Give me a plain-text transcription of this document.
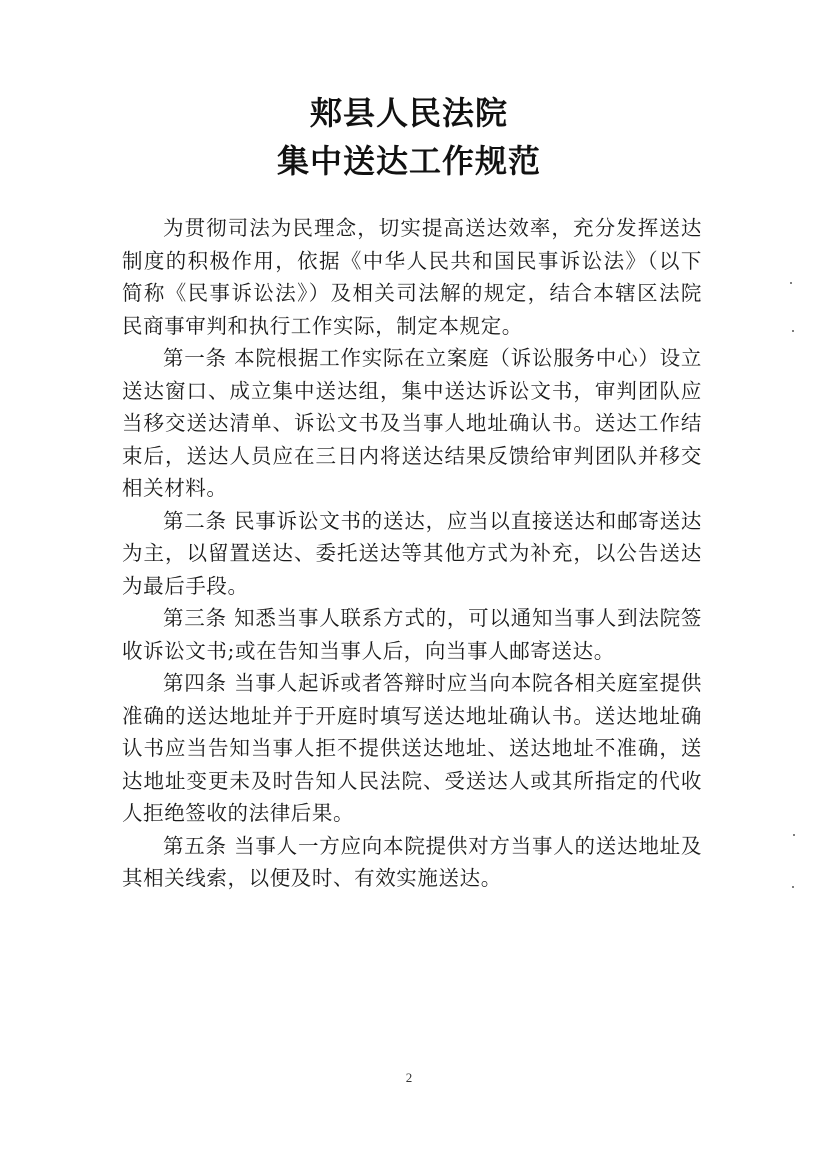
郏县人民法院
集中送达工作规范

为贯彻司法为民理念，切实提高送达效率，充分发挥送达制度的积极作用，依据《中华人民共和国民事诉讼法》（以下简称《民事诉讼法》）及相关司法解的规定，结合本辖区法院民商事审判和执行工作实际，制定本规定。

第一条 本院根据工作实际在立案庭（诉讼服务中心）设立送达窗口、成立集中送达组，集中送达诉讼文书，审判团队应当移交送达清单、诉讼文书及当事人地址确认书。送达工作结束后，送达人员应在三日内将送达结果反馈给审判团队并移交相关材料。

第二条 民事诉讼文书的送达，应当以直接送达和邮寄送达为主，以留置送达、委托送达等其他方式为补充，以公告送达为最后手段。

第三条 知悉当事人联系方式的，可以通知当事人到法院签收诉讼文书;或在告知当事人后，向当事人邮寄送达。

第四条 当事人起诉或者答辩时应当向本院各相关庭室提供准确的送达地址并于开庭时填写送达地址确认书。送达地址确认书应当告知当事人拒不提供送达地址、送达地址不准确，送达地址变更未及时告知人民法院、受送达人或其所指定的代收人拒绝签收的法律后果。

第五条 当事人一方应向本院提供对方当事人的送达地址及其相关线索，以便及时、有效实施送达。

2
